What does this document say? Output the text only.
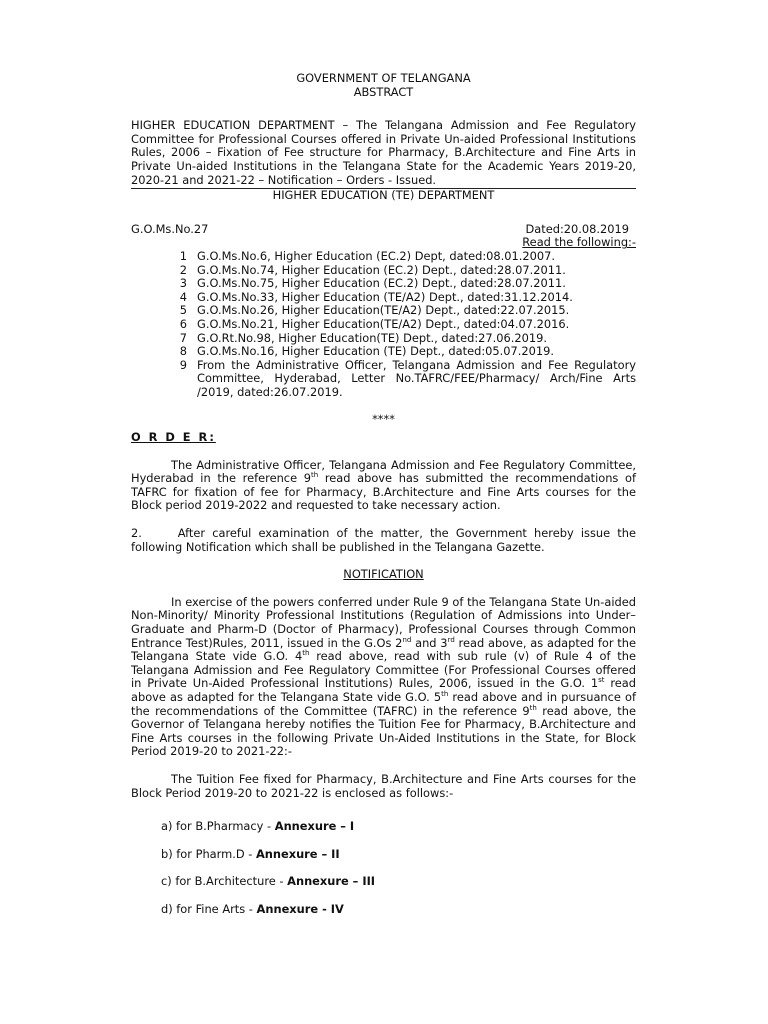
GOVERNMENT OF TELANGANA
ABSTRACT

HIGHER EDUCATION DEPARTMENT – The Telangana Admission and Fee Regulatory Committee for Professional Courses offered in Private Un-aided Professional Institutions Rules, 2006 – Fixation of Fee structure for Pharmacy, B.Architecture and Fine Arts in Private Un-aided Institutions in the Telangana State for the Academic Years 2019-20, 2020-21 and 2021-22 – Notification – Orders - Issued.

HIGHER EDUCATION (TE) DEPARTMENT
G.O.Ms.No.27	Dated:20.08.2019
Read the following:-
1 G.O.Ms.No.6, Higher Education (EC.2) Dept, dated:08.01.2007.
2 G.O.Ms.No.74, Higher Education (EC.2) Dept., dated:28.07.2011.
3 G.O.Ms.No.75, Higher Education (EC.2) Dept., dated:28.07.2011.
4 G.O.Ms.No.33, Higher Education (TE/A2) Dept., dated:31.12.2014.
5 G.O.Ms.No.26, Higher Education(TE/A2) Dept., dated:22.07.2015.
6 G.O.Ms.No.21, Higher Education(TE/A2) Dept., dated:04.07.2016.
7 G.O.Rt.No.98, Higher Education(TE) Dept., dated:27.06.2019.
8 G.O.Ms.No.16, Higher Education (TE) Dept., dated:05.07.2019.
9 From the Administrative Officer, Telangana Admission and Fee Regulatory Committee, Hyderabad, Letter No.TAFRC/FEE/Pharmacy/ Arch/Fine Arts /2019, dated:26.07.2019.
****
O R D E R:

The Administrative Officer, Telangana Admission and Fee Regulatory Committee, Hyderabad in the reference 9th read above has submitted the recommendations of TAFRC for fixation of fee for Pharmacy, B.Architecture and Fine Arts courses for the Block period 2019-2022 and requested to take necessary action.

2.     After careful examination of the matter, the Government hereby issue the following Notification which shall be published in the Telangana Gazette.

NOTIFICATION

In exercise of the powers conferred under Rule 9 of the Telangana State Un-aided Non-Minority/ Minority Professional Institutions (Regulation of Admissions into Under–Graduate and Pharm-D (Doctor of Pharmacy), Professional Courses through Common Entrance Test)Rules, 2011, issued in the G.Os 2nd and 3rd read above, as adapted for the Telangana State vide G.O. 4th read above, read with sub rule (v) of Rule 4 of the Telangana Admission and Fee Regulatory Committee (For Professional Courses offered in Private Un-Aided Professional Institutions) Rules, 2006, issued in the G.O. 1st read above as adapted for the Telangana State vide G.O. 5th read above and in pursuance of the recommendations of the Committee (TAFRC) in the reference 9th read above, the Governor of Telangana hereby notifies the Tuition Fee for Pharmacy, B.Architecture and Fine Arts courses in the following Private Un-Aided Institutions in the State, for Block Period 2019-20 to 2021-22:-

The Tuition Fee fixed for Pharmacy, B.Architecture and Fine Arts courses for the Block Period 2019-20 to 2021-22 is enclosed as follows:-

a) for B.Pharmacy - Annexure – I
b) for Pharm.D - Annexure – II
c) for B.Architecture - Annexure – III
d) for Fine Arts - Annexure - IV
